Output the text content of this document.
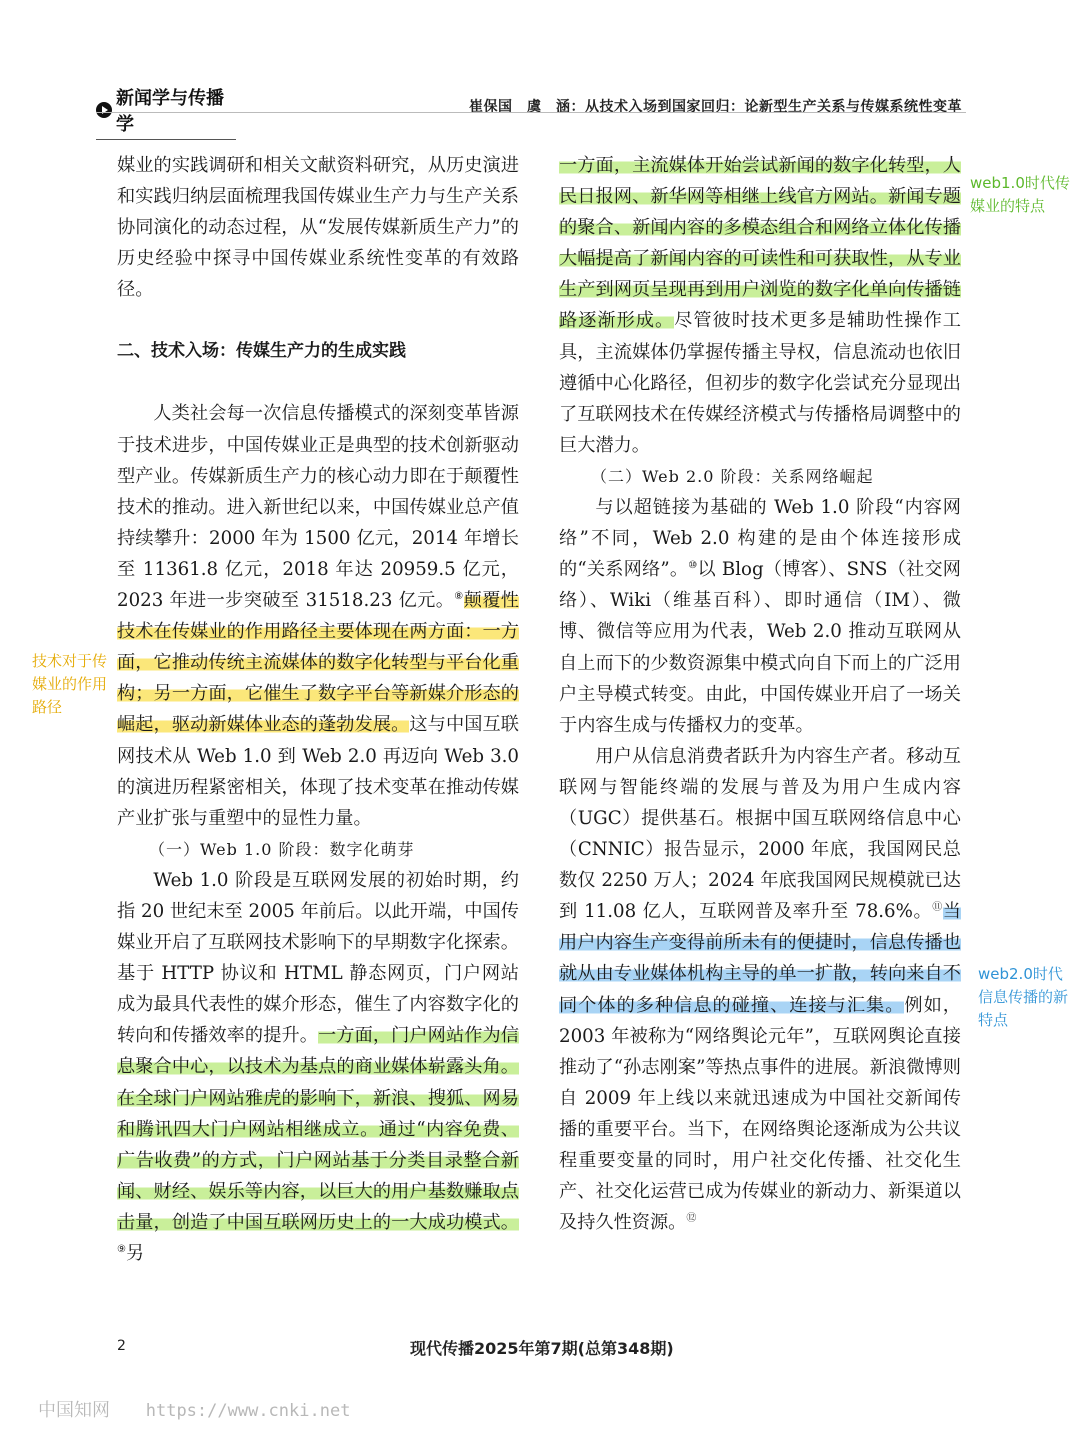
新闻学与传播学
崔保国　虞　涵：从技术入场到国家回归：论新型生产关系与传媒系统性变革

媒业的实践调研和相关文献资料研究，从历史演进和实践归纳层面梳理我国传媒业生产力与生产关系协同演化的动态过程，从“发展传媒新质生产力”的历史经验中探寻中国传媒业系统性变革的有效路径。

二、技术入场：传媒生产力的生成实践

人类社会每一次信息传播模式的深刻变革皆源于技术进步，中国传媒业正是典型的技术创新驱动型产业。传媒新质生产力的核心动力即在于颠覆性技术的推动。进入新世纪以来，中国传媒业总产值持续攀升：2000 年为 1500 亿元，2014 年增长至 11361.8 亿元，2018 年达 20959.5 亿元，2023 年进一步突破至 31518.23 亿元。⑧颠覆性技术在传媒业的作用路径主要体现在两方面：一方面，它推动传统主流媒体的数字化转型与平台化重构；另一方面，它催生了数字平台等新媒介形态的崛起，驱动新媒体业态的蓬勃发展。这与中国互联网技术从 Web 1.0 到 Web 2.0 再迈向 Web 3.0 的演进历程紧密相关，体现了技术变革在推动传媒产业扩张与重塑中的显性力量。

（一）Web 1.0 阶段：数字化萌芽

Web 1.0 阶段是互联网发展的初始时期，约指 20 世纪末至 2005 年前后。以此开端，中国传媒业开启了互联网技术影响下的早期数字化探索。基于 HTTP 协议和 HTML 静态网页，门户网站成为最具代表性的媒介形态，催生了内容数字化的转向和传播效率的提升。一方面，门户网站作为信息聚合中心，以技术为基点的商业媒体崭露头角。在全球门户网站雅虎的影响下，新浪、搜狐、网易和腾讯四大门户网站相继成立。通过“内容免费、广告收费”的方式，门户网站基于分类目录整合新闻、财经、娱乐等内容，以巨大的用户基数赚取点击量，创造了中国互联网历史上的一大成功模式。⑨另

一方面，主流媒体开始尝试新闻的数字化转型，人民日报网、新华网等相继上线官方网站。新闻专题的聚合、新闻内容的多模态组合和网络立体化传播大幅提高了新闻内容的可读性和可获取性，从专业生产到网页呈现再到用户浏览的数字化单向传播链路逐渐形成。尽管彼时技术更多是辅助性操作工具，主流媒体仍掌握传播主导权，信息流动也依旧遵循中心化路径，但初步的数字化尝试充分显现出了互联网技术在传媒经济模式与传播格局调整中的巨大潜力。

（二）Web 2.0 阶段：关系网络崛起

与以超链接为基础的 Web 1.0 阶段“内容网络”不同，Web 2.0 构建的是由个体连接形成的“关系网络”。⑩以 Blog（博客）、SNS（社交网络）、Wiki（维基百科）、即时通信（IM）、微博、微信等应用为代表，Web 2.0 推动互联网从自上而下的少数资源集中模式向自下而上的广泛用户主导模式转变。由此，中国传媒业开启了一场关于内容生成与传播权力的变革。

用户从信息消费者跃升为内容生产者。移动互联网与智能终端的发展与普及为用户生成内容（UGC）提供基石。根据中国互联网络信息中心（CNNIC）报告显示，2000 年底，我国网民总数仅 2250 万人；2024 年底我国网民规模就已达到 11.08 亿人，互联网普及率升至 78.6%。⑪当用户内容生产变得前所未有的便捷时，信息传播也就从由专业媒体机构主导的单一扩散，转向来自不同个体的多种信息的碰撞、连接与汇集。例如，2003 年被称为“网络舆论元年”，互联网舆论直接推动了“孙志刚案”等热点事件的进展。新浪微博则自 2009 年上线以来就迅速成为中国社交新闻传播的重要平台。当下，在网络舆论逐渐成为公共议程重要变量的同时，用户社交化传播、社交化生产、社交化运营已成为传媒业的新动力、新渠道以及持久性资源。⑫

web1.0时代传媒业的特点
技术对于传媒业的作用路径
web2.0时代信息传播的新特点
2	现代传播2025年第7期(总第348期)
中国知网 https://www.cnki.net
